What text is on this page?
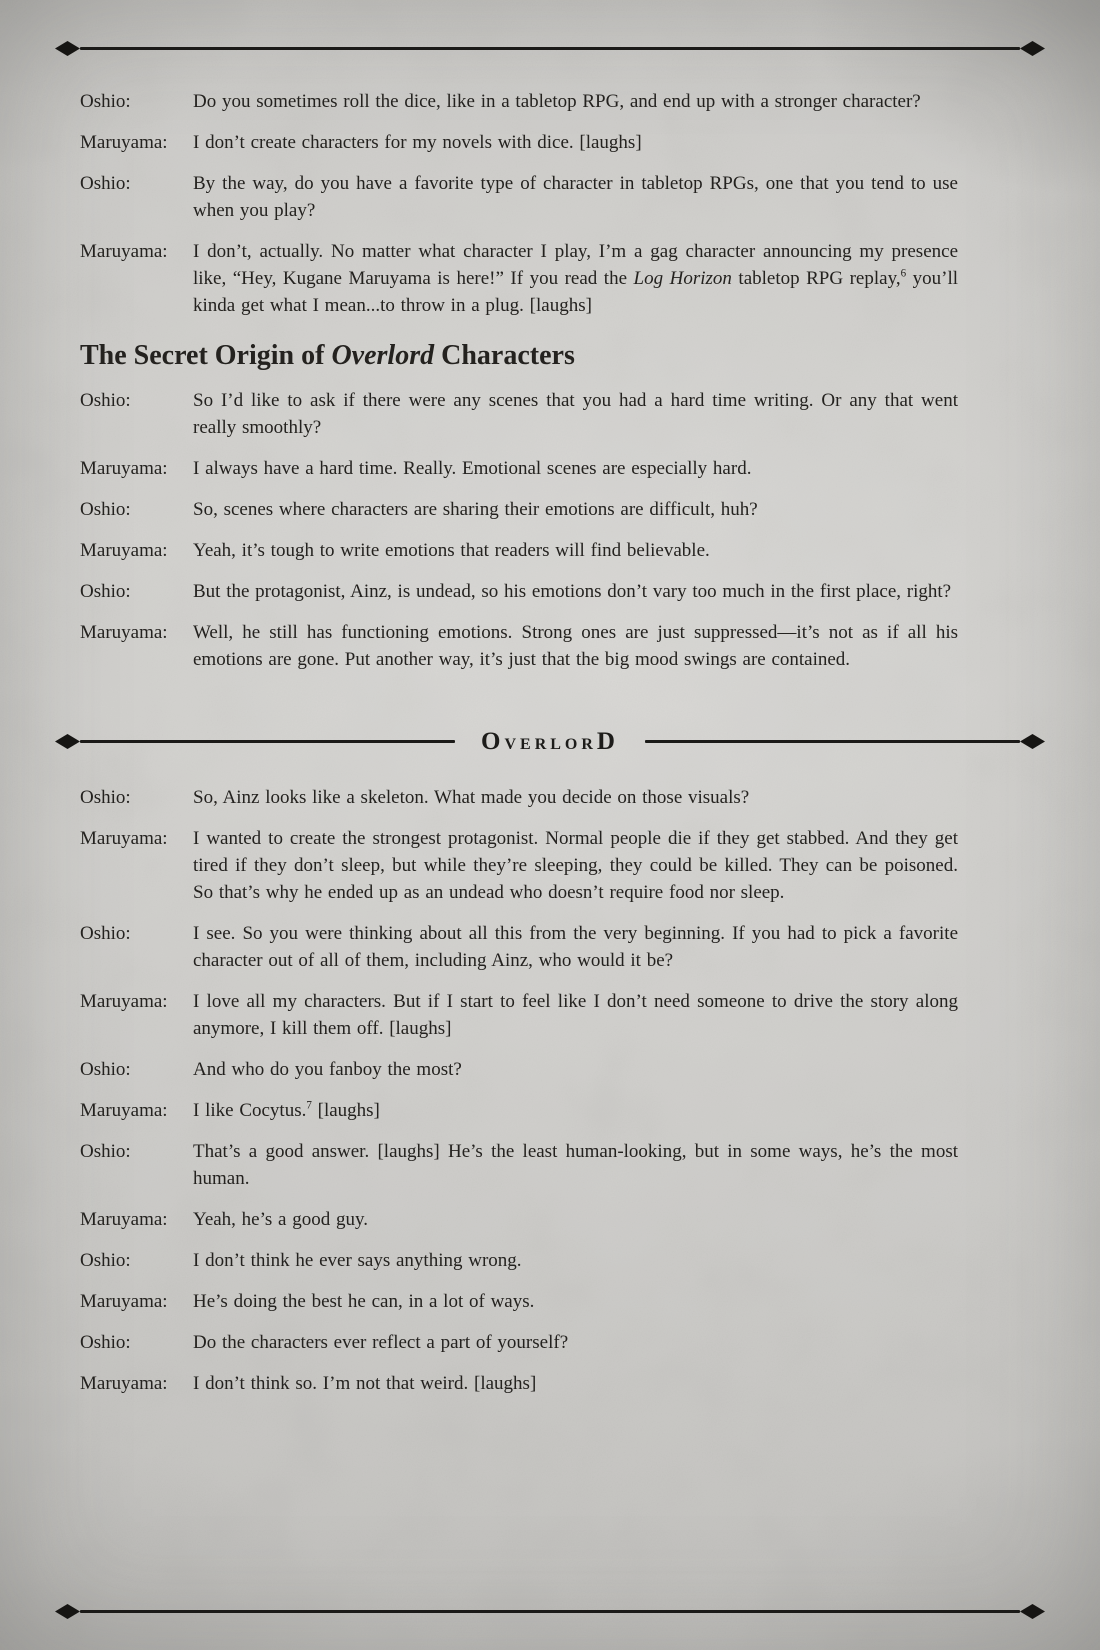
Oshio:	Do you sometimes roll the dice, like in a tabletop RPG, and end up with a stronger character?
Maruyama:	I don’t create characters for my novels with dice. [laughs]
Oshio:	By the way, do you have a favorite type of character in tabletop RPGs, one that you tend to use when you play?
Maruyama:	I don’t, actually. No matter what character I play, I’m a gag character announcing my presence like, “Hey, Kugane Maruyama is here!” If you read the Log Horizon tabletop RPG replay,$^6$ you’ll kinda get what I mean...to throw in a plug. [laughs]
The Secret Origin of Overlord Characters
Oshio:	So I’d like to ask if there were any scenes that you had a hard time writing. Or any that went really smoothly?
Maruyama:	I always have a hard time. Really. Emotional scenes are especially hard.
Oshio:	So, scenes where characters are sharing their emotions are difficult, huh?
Maruyama:	Yeah, it’s tough to write emotions that readers will find believable.
Oshio:	But the protagonist, Ainz, is undead, so his emotions don’t vary too much in the first place, right?
Maruyama:	Well, he still has functioning emotions. Strong ones are just suppressed—it’s not as if all his emotions are gone. Put another way, it’s just that the big mood swings are contained.
OVERLORD
Oshio:	So, Ainz looks like a skeleton. What made you decide on those visuals?
Maruyama:	I wanted to create the strongest protagonist. Normal people die if they get stabbed. And they get tired if they don’t sleep, but while they’re sleeping, they could be killed. They can be poisoned. So that’s why he ended up as an undead who doesn’t require food nor sleep.
Oshio:	I see. So you were thinking about all this from the very beginning. If you had to pick a favorite character out of all of them, including Ainz, who would it be?
Maruyama:	I love all my characters. But if I start to feel like I don’t need someone to drive the story along anymore, I kill them off. [laughs]
Oshio:	And who do you fanboy the most?
Maruyama:	I like Cocytus.$^7$ [laughs]
Oshio:	That’s a good answer. [laughs] He’s the least human-looking, but in some ways, he’s the most human.
Maruyama:	Yeah, he’s a good guy.
Oshio:	I don’t think he ever says anything wrong.
Maruyama:	He’s doing the best he can, in a lot of ways.
Oshio:	Do the characters ever reflect a part of yourself?
Maruyama:	I don’t think so. I’m not that weird. [laughs]
